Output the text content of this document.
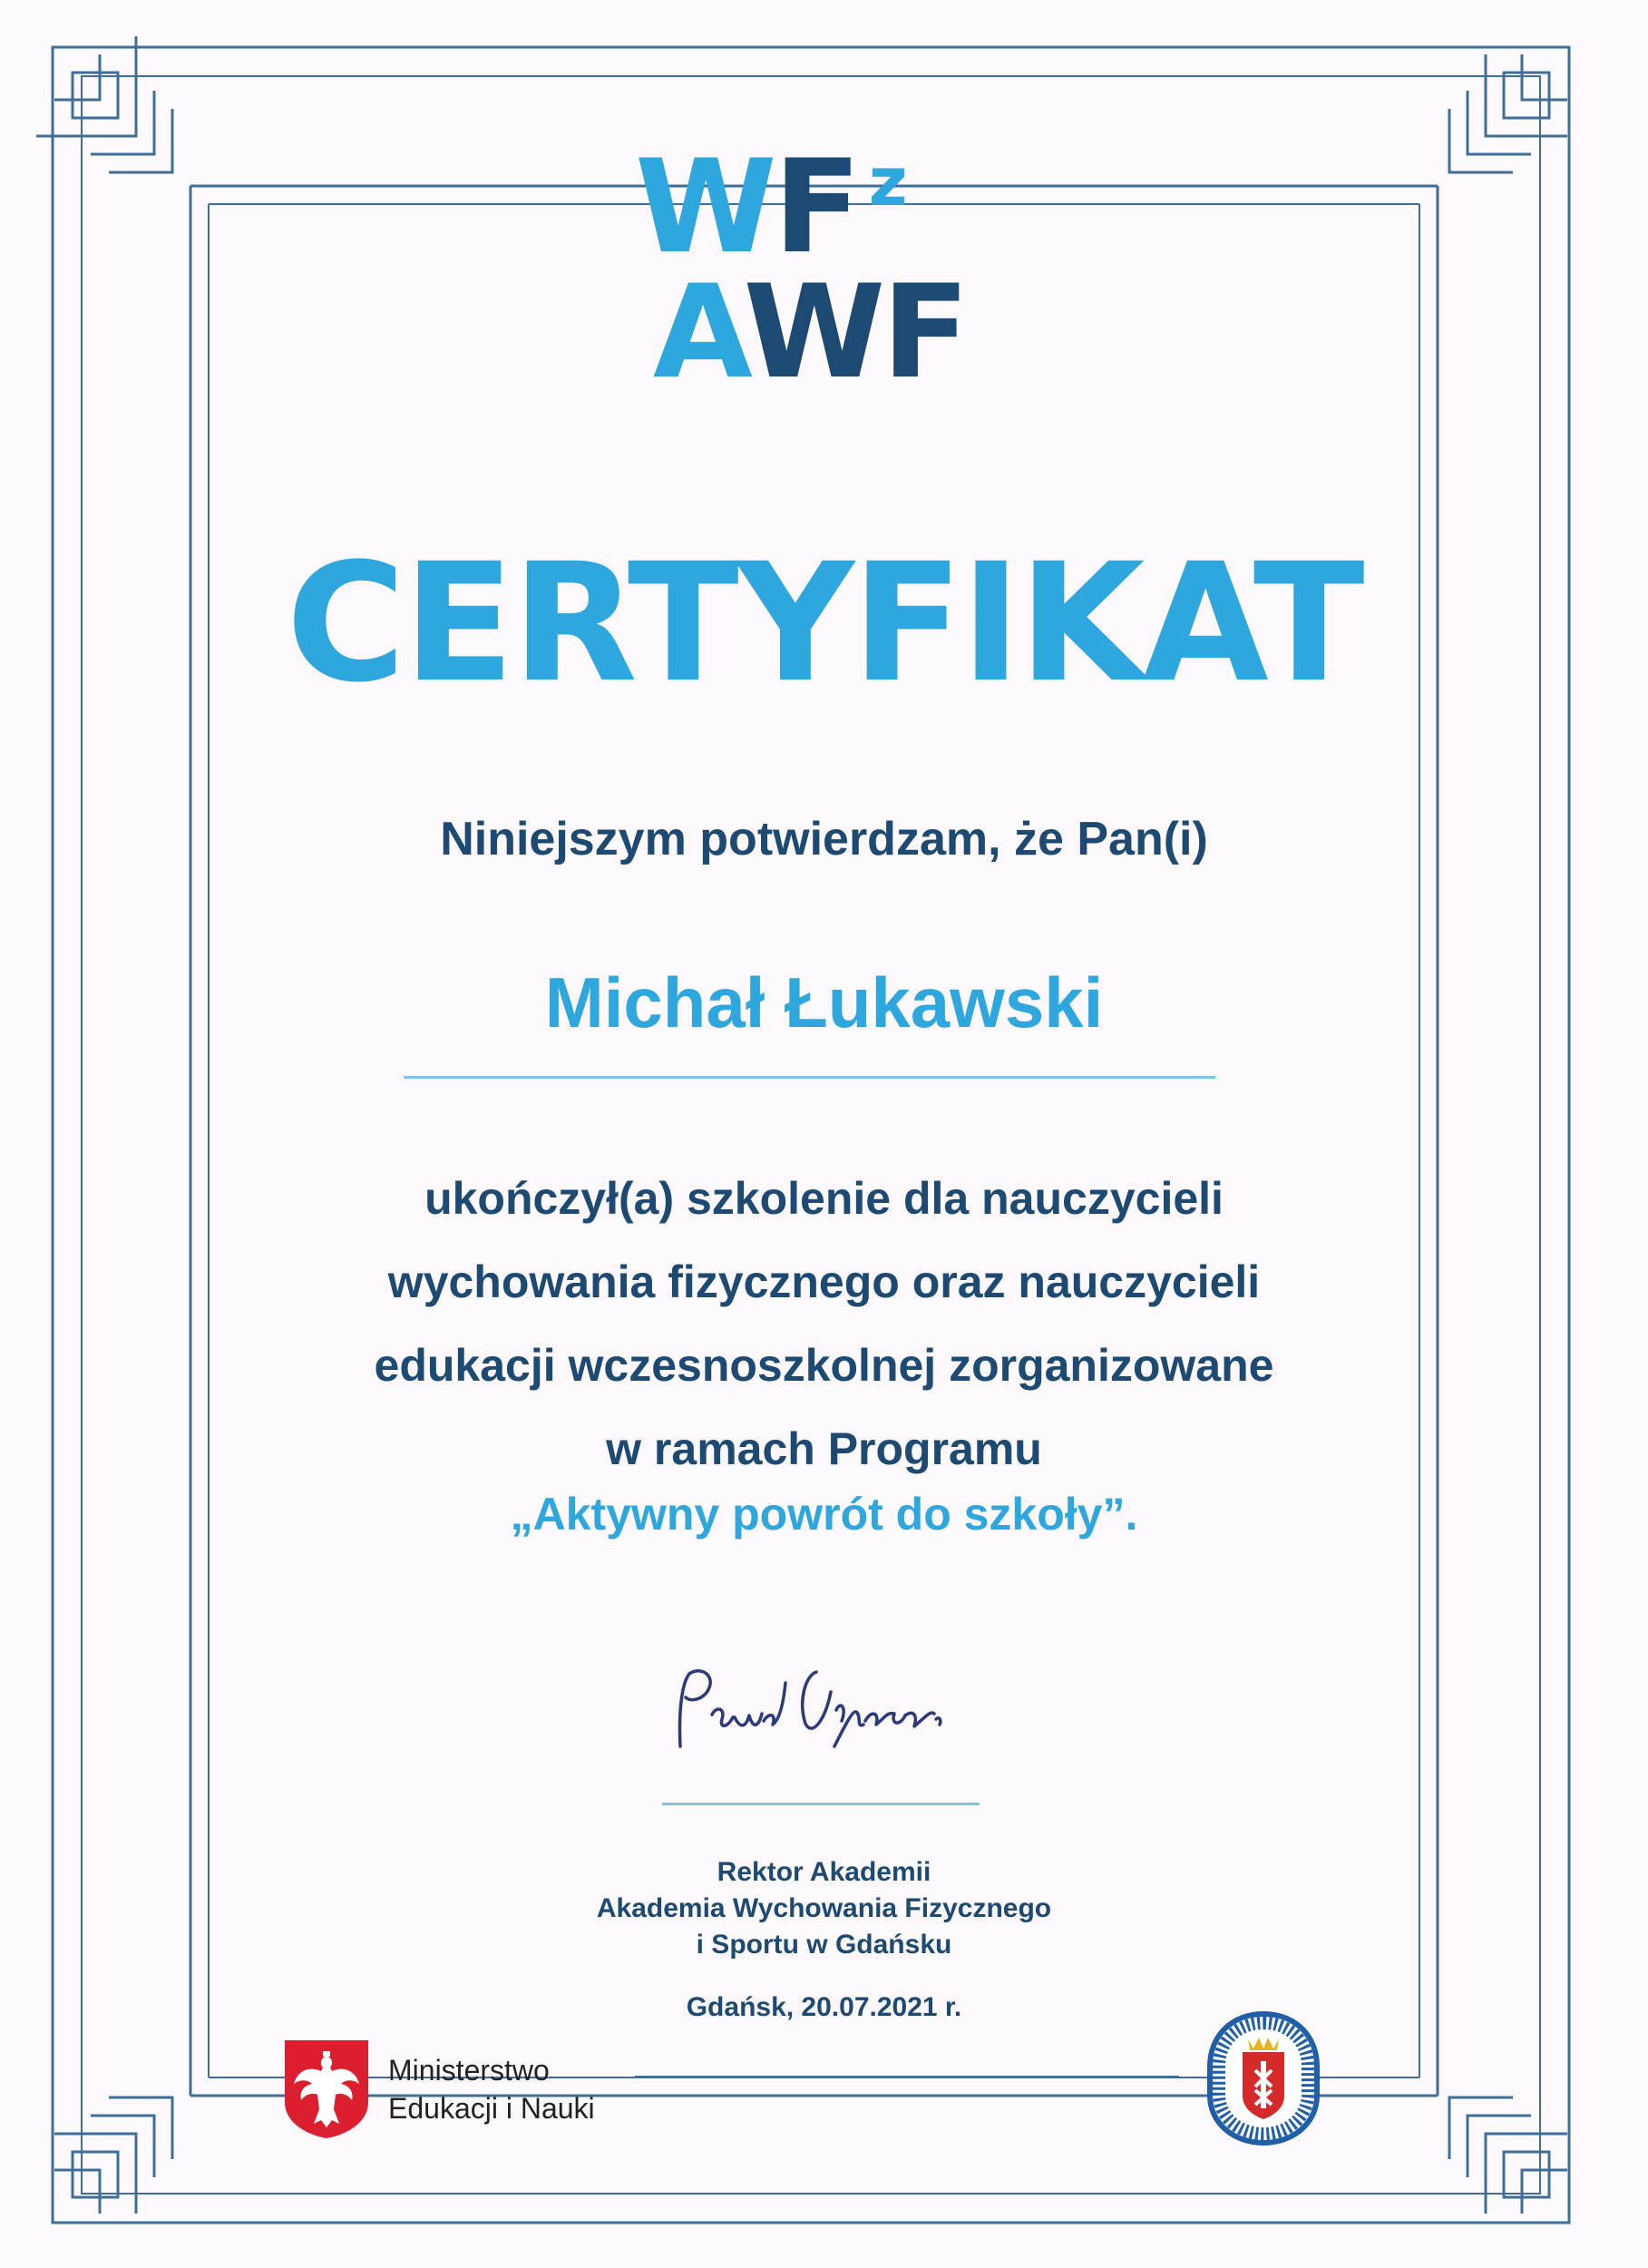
WF z
AWF
CERTYFIKAT
Niniejszym potwierdzam, że Pan(i)
Michał Łukawski
ukończył(a) szkolenie dla nauczycieli
wychowania fizycznego oraz nauczycieli
edukacji wczesnoszkolnej zorganizowane
w ramach Programu
„Aktywny powrót do szkoły”.
Rektor Akademii
Akademia Wychowania Fizycznego
i Sportu w Gdańsku
Gdańsk, 20.07.2021 r.
Ministerstwo
Edukacji i Nauki
